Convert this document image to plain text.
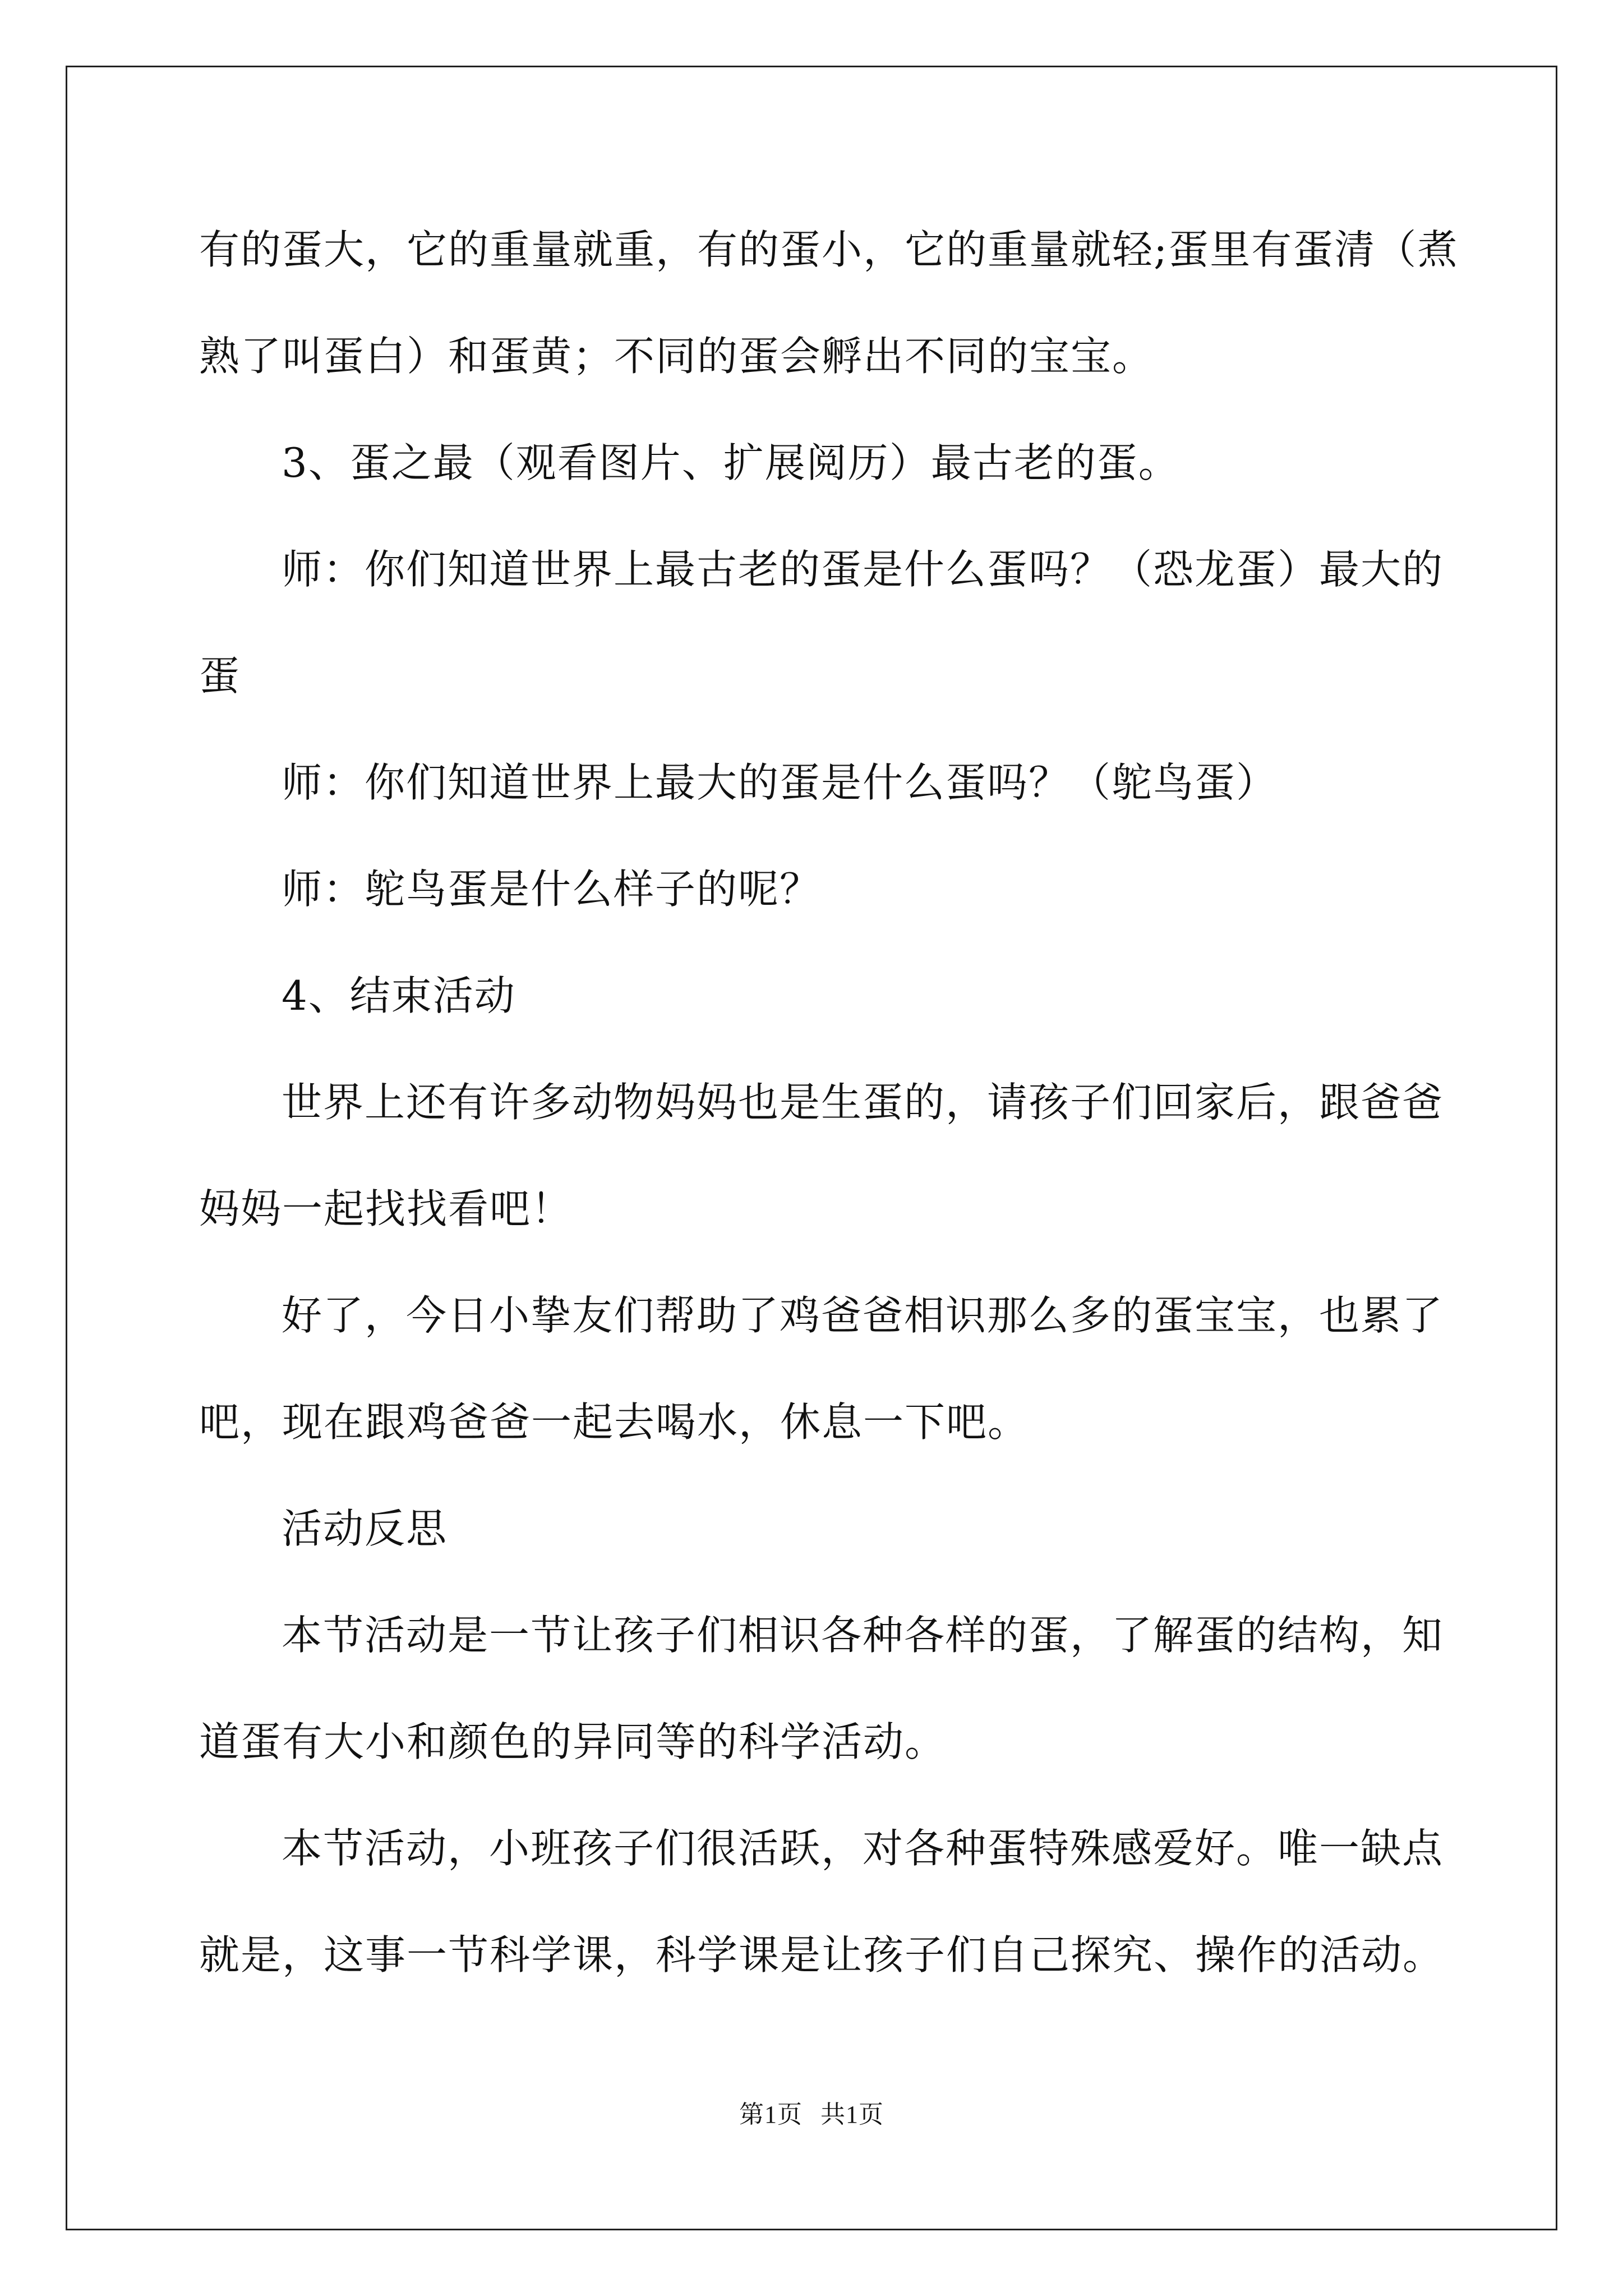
有的蛋大，它的重量就重，有的蛋小，它的重量就轻;蛋里有蛋清（煮
熟了叫蛋白）和蛋黄；不同的蛋会孵出不同的宝宝。
3、蛋之最（观看图片、扩展阅历）最古老的蛋。
师：你们知道世界上最古老的蛋是什么蛋吗？（恐龙蛋）最大的
蛋
师：你们知道世界上最大的蛋是什么蛋吗？（鸵鸟蛋）
师：鸵鸟蛋是什么样子的呢？
4、结束活动
世界上还有许多动物妈妈也是生蛋的，请孩子们回家后，跟爸爸
妈妈一起找找看吧！
好了，今日小挚友们帮助了鸡爸爸相识那么多的蛋宝宝，也累了
吧，现在跟鸡爸爸一起去喝水，休息一下吧。
活动反思
本节活动是一节让孩子们相识各种各样的蛋，了解蛋的结构，知
道蛋有大小和颜色的异同等的科学活动。
本节活动，小班孩子们很活跃，对各种蛋特殊感爱好。唯一缺点
就是，这事一节科学课，科学课是让孩子们自己探究、操作的活动。
第1页 共1页
